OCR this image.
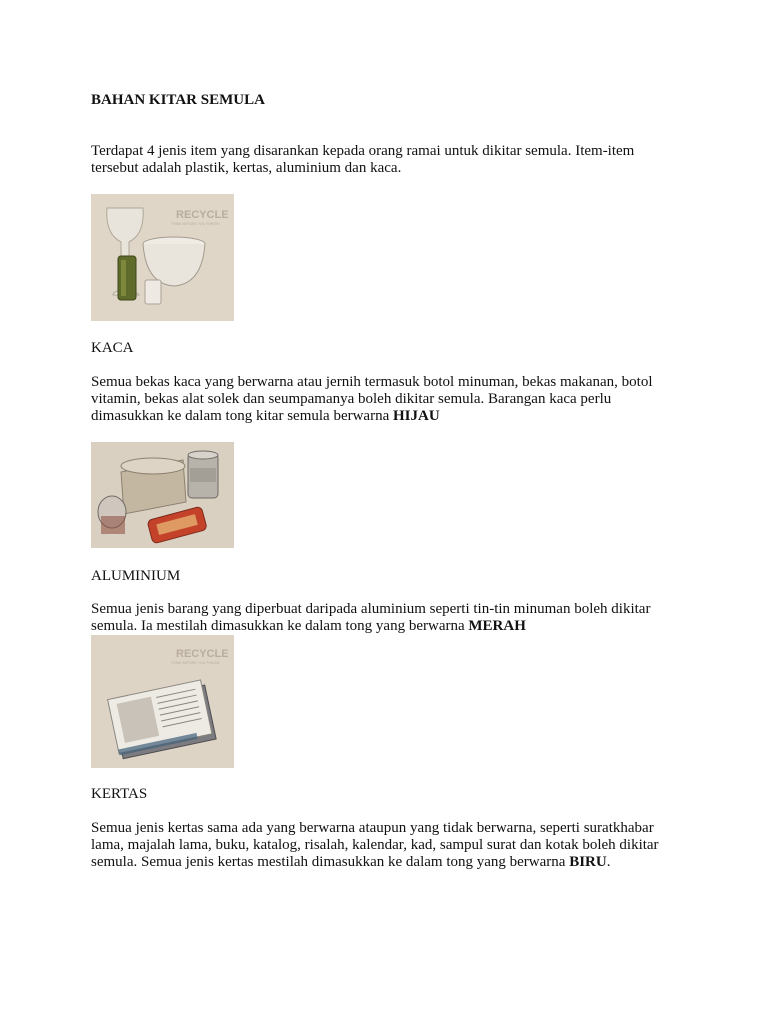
BAHAN KITAR SEMULA

Terdapat 4 jenis item yang disarankan kepada orang ramai untuk dikitar semula. Item-item tersebut adalah plastik, kertas, aluminium dan kaca.

RECYCLE
THINK BEFORE YOU THROW
KACA

Semua bekas kaca yang berwarna atau jernih termasuk botol minuman, bekas makanan, botol vitamin, bekas alat solek dan seumpamanya boleh dikitar semula. Barangan kaca perlu dimasukkan ke dalam tong kitar semula berwarna HIJAU

ALUMINIUM

Semua jenis barang yang diperbuat daripada aluminium seperti tin-tin minuman boleh dikitar semula. Ia mestilah dimasukkan ke dalam tong yang berwarna MERAH

RECYCLE
THINK BEFORE YOU THROW
KERTAS

Semua jenis kertas sama ada yang berwarna ataupun yang tidak berwarna, seperti suratkhabar lama, majalah lama, buku, katalog, risalah, kalendar, kad, sampul surat dan kotak boleh dikitar semula. Semua jenis kertas mestilah dimasukkan ke dalam tong yang berwarna BIRU.
